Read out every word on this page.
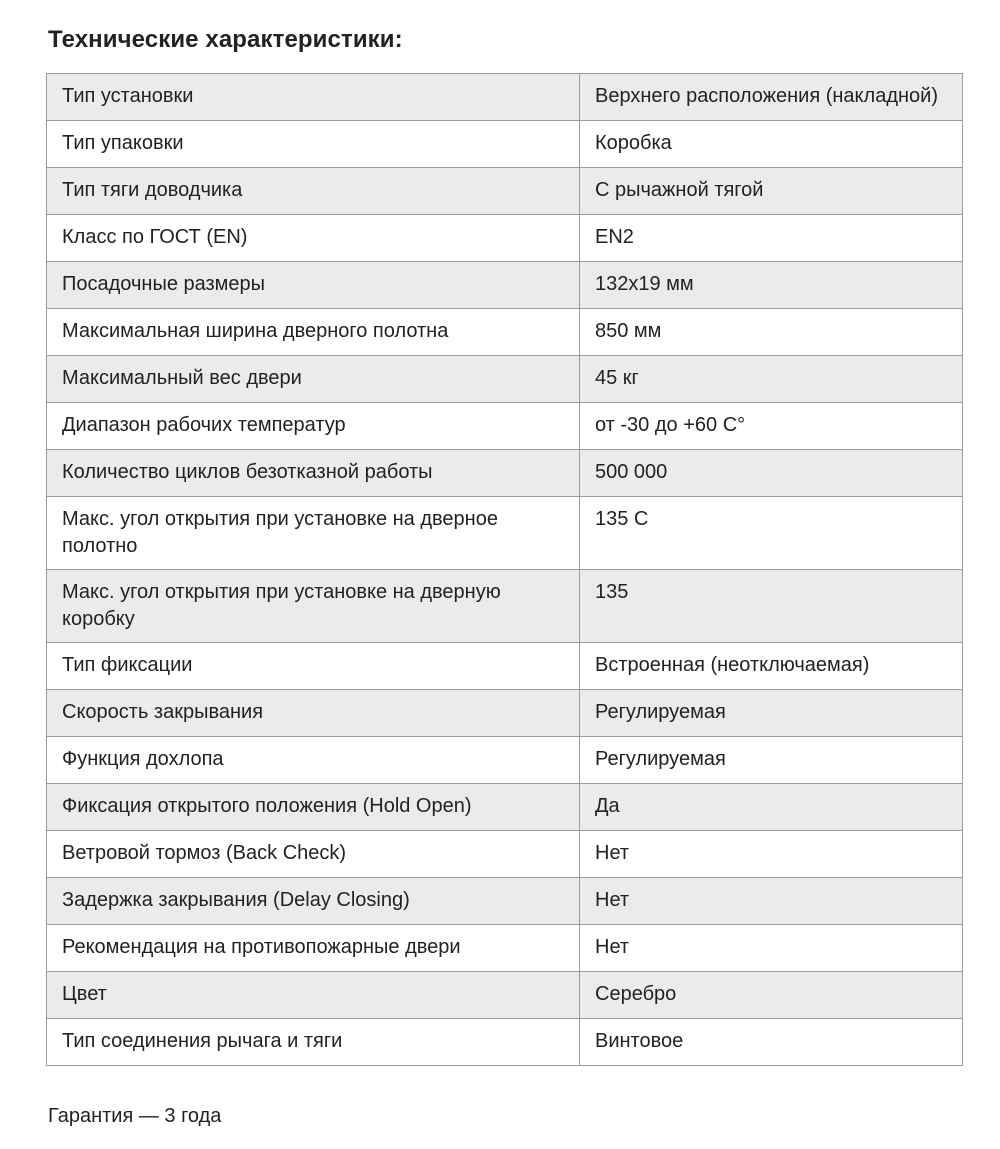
Технические характеристики:
Тип установки	Верхнего расположения (накладной)
Тип упаковки	Коробка
Тип тяги доводчика	С рычажной тягой
Класс по ГОСТ (EN)	EN2
Посадочные размеры	132x19 мм
Максимальная ширина дверного полотна	850 мм
Максимальный вес двери	45 кг
Диапазон рабочих температур	от -30 до +60 С°
Количество циклов безотказной работы	500 000
Макс. угол открытия при установке на дверное полотно	135 С
Макс. угол открытия при установке на дверную коробку	135
Тип фиксации	Встроенная (неотключаемая)
Скорость закрывания	Регулируемая
Функция дохлопа	Регулируемая
Фиксация открытого положения (Hold Open)	Да
Ветровой тормоз (Back Check)	Нет
Задержка закрывания (Delay Closing)	Нет
Рекомендация на противопожарные двери	Нет
Цвет	Серебро
Тип соединения рычага и тяги	Винтовое

Гарантия — 3 года
